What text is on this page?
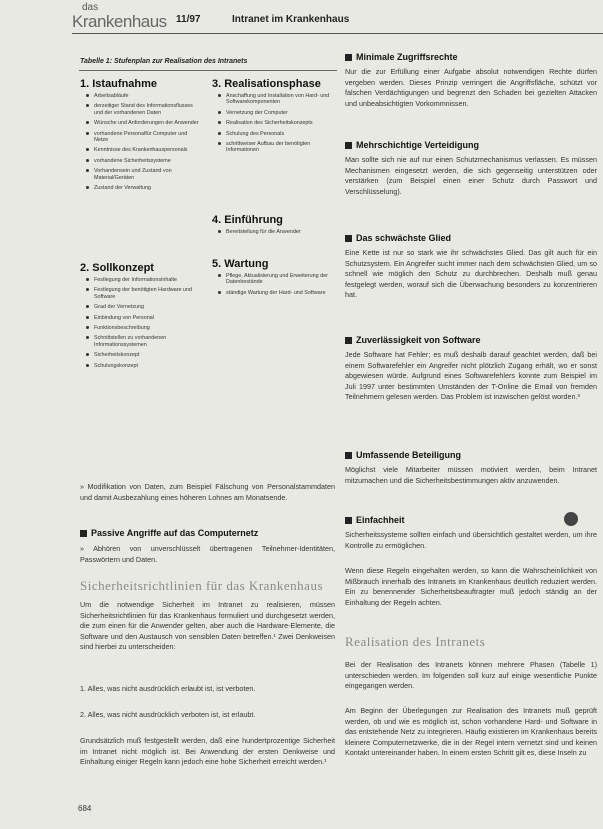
das
Krankenhaus 11/97	Intranet im Krankenhaus
Tabelle 1: Stufenplan zur Realisation des Intranets
1. Istaufnahme
Arbeitsabläufe
derzeitiger Stand des Informationsflusses und der vorhandenen Daten
Wünsche und Anforderungen der Anwender
vorhandene Personalfür Computer und Netze
Kenntnisse des Krankenhauspersonals
vorhandene Sicherheitssysteme
Vorhandensein und Zustand von Material/Geräten
Zustand der Verwaltung
2. Sollkonzept
Festlegung der Informationsinhalte
Festlegung der benötigten Hardware und Software
Grad der Vernetzung
Einbindung von Personal
Funktionsbeschreibung
Schnittstellen zu vorhandenen Informationssystemen
Sicherheitskonzept
Schulungskonzept
3. Realisationsphase
Anschaffung und Installation von Hard- und Softwarekomponenten
Vernetzung der Computer
Realisation des Sicherheitskonzepts
Schulung des Personals
schrittweiser Aufbau der benötigten Informationen
4. Einführung
Bereitstellung für die Anwender
5. Wartung
Pflege, Aktualisierung und Erweiterung der Datenbestände
ständige Wartung der Hard- und Software
» Modifikation von Daten, zum Beispiel Fälschung von Personalstammdaten und damit Ausbezahlung eines höheren Lohnes am Monatsende.
Passive Angriffe auf das Computernetz
» Abhören von unverschlüsselt übertragenen Teilnehmer-Identitäten, Passwörtern und Daten.
Sicherheitsrichtlinien für das Krankenhaus
Um die notwendige Sicherheit im Intranet zu realisieren, müssen Sicherheitsrichtlinien für das Krankenhaus formuliert und durchgesetzt werden, die zum einen für die Anwender gelten, aber auch die Hardware-Elemente, die Software und den Austausch von sensiblen Daten betreffen.¹ Zwei Denkweisen sind hierbei zu unterscheiden:
1. Alles, was nicht ausdrücklich erlaubt ist, ist verboten.
2. Alles, was nicht ausdrücklich verboten ist, ist erlaubt.
Grundsätzlich muß festgestellt werden, daß eine hundertprozentige Sicherheit im Intranet nicht möglich ist. Bei Anwendung der ersten Denkweise und Einhaltung einiger Regeln kann jedoch eine hohe Sicherheit erreicht werden.¹
684
Minimale Zugriffsrechte
Nur die zur Erfüllung einer Aufgabe absolut notwendigen Rechte dürfen vergeben werden. Dieses Prinzip verringert die Angriffsfläche, schützt vor falschen Verdächtigungen und begrenzt den Schaden bei gezielten Attacken und unbeabsichtigten Vorkommnissen.
Mehrschichtige Verteidigung
Man sollte sich nie auf nur einen Schutzmechanismus verlassen. Es müssen Mechanismen eingesetzt werden, die sich gegenseitig unterstützen oder verstärken (zum Beispiel einen einer Schutz durch Passwort und Verschlüsselung).
Das schwächste Glied
Eine Kette ist nur so stark wie ihr schwächstes Glied. Das gilt auch für ein Schutzsystem. Ein Angreifer sucht immer nach dem schwächsten Glied, um so schnell wie möglich den Schutz zu durchbrechen. Deshalb muß genau festgelegt werden, worauf sich die Überwachung besonders zu konzentrieren hat.
Zuverlässigkeit von Software
Jede Software hat Fehler; es muß deshalb darauf geachtet werden, daß bei einem Softwarefehler ein Angreifer nicht plötzlich Zugang erhält, wo er sonst abgewiesen würde. Aufgrund eines Softwarefehlers konnte zum Beispiel im Juli 1997 unter bestimmten Umständen der T-Online die Email von fremden Teilnehmern gelesen werden. Das Problem ist inzwischen gelöst worden.³
Umfassende Beteiligung
Möglichst viele Mitarbeiter müssen motiviert werden, beim Intranet mitzumachen und die Sicherheitsbestimmungen aktiv anzuwenden.
Einfachheit
Sicherheitssysteme sollten einfach und übersichtlich gestaltet werden, um ihre Kontrolle zu ermöglichen.
Wenn diese Regeln eingehalten werden, so kann die Wahrscheinlichkeit von Mißbrauch innerhalb des Intranets im Krankenhaus deutlich reduziert werden. Ein zu benennender Sicherheitsbeauftragter muß jedoch ständig an der Einhaltung der Regeln achten.
Realisation des Intranets
Bei der Realisation des Intranets können mehrere Phasen (Tabelle 1) unterschieden werden. Im folgenden soll kurz auf einige wesentliche Punkte eingegangen werden.
Am Beginn der Überlegungen zur Realisation des Intranets muß geprüft werden, ob und wie es möglich ist, schon vorhandene Hard- und Software in das entstehende Netz zu integrieren. Häufig existieren im Krankenhaus bereits kleinere Computernetzwerke, die in der Regel intern vernetzt sind und keinen Kontakt untereinander haben. In einem ersten Schritt gilt es, diese Inseln zu
